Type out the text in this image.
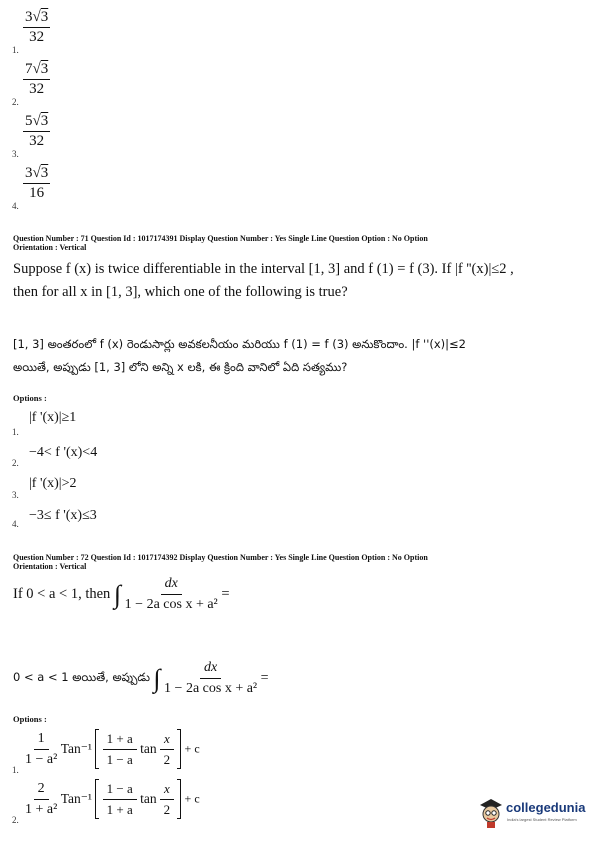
1.
$\frac{3√3}{32}$
2.
$\frac{7√3}{32}$
3.
$\frac{5√3}{32}$
4.
$\frac{3√3}{16}$
Question Number : 71 Question Id : 1017174391 Display Question Number : Yes Single Line Question Option : No Option
Orientation : Vertical
Suppose f (x) is twice differentiable in the interval [1, 3] and f (1) = f (3). If |f ''(x)|≤2 ,
then for all x in [1, 3], which one of the following is true?
[1, 3] అంతరంలో f (x) రెండుసార్లు అవకలనీయం మరియు f (1) = f (3) అనుకొందాం. |f ''(x)|≤2
అయితే, అప్పుడు [1, 3] లోని అన్ని x లకి, ఈ క్రింది వానిలో ఏది సత్యము?
Options :
1.
|f '(x)|≥1
2.
−4< f '(x)<4
3.
|f '(x)|>2
4.
−3≤ f '(x)≤3
Question Number : 72 Question Id : 1017174392 Display Question Number : Yes Single Line Question Option : No Option
Orientation : Vertical
If 0 < a < 1, then ∫ $\frac{dx}{\text{1 − 2a cos x + a²}}$ =
0 < a < 1 అయితే, అప్పుడు ∫ $\frac{dx}{\text{1 − 2a cos x + a²}}$ =
Options :
1.
$\frac{1}{\text{1 − a²}} Tan^{-1} \frac{1 + a}{1 - a}$ $\tan \frac{x}{2} + c$
2.
$\frac{2}{\text{1 + a²}} Tan^{-1} \frac{1 - a}{1 + a}$ $\tan \frac{x}{2} + c$
collegedunia
India's largest Student Review Platform
